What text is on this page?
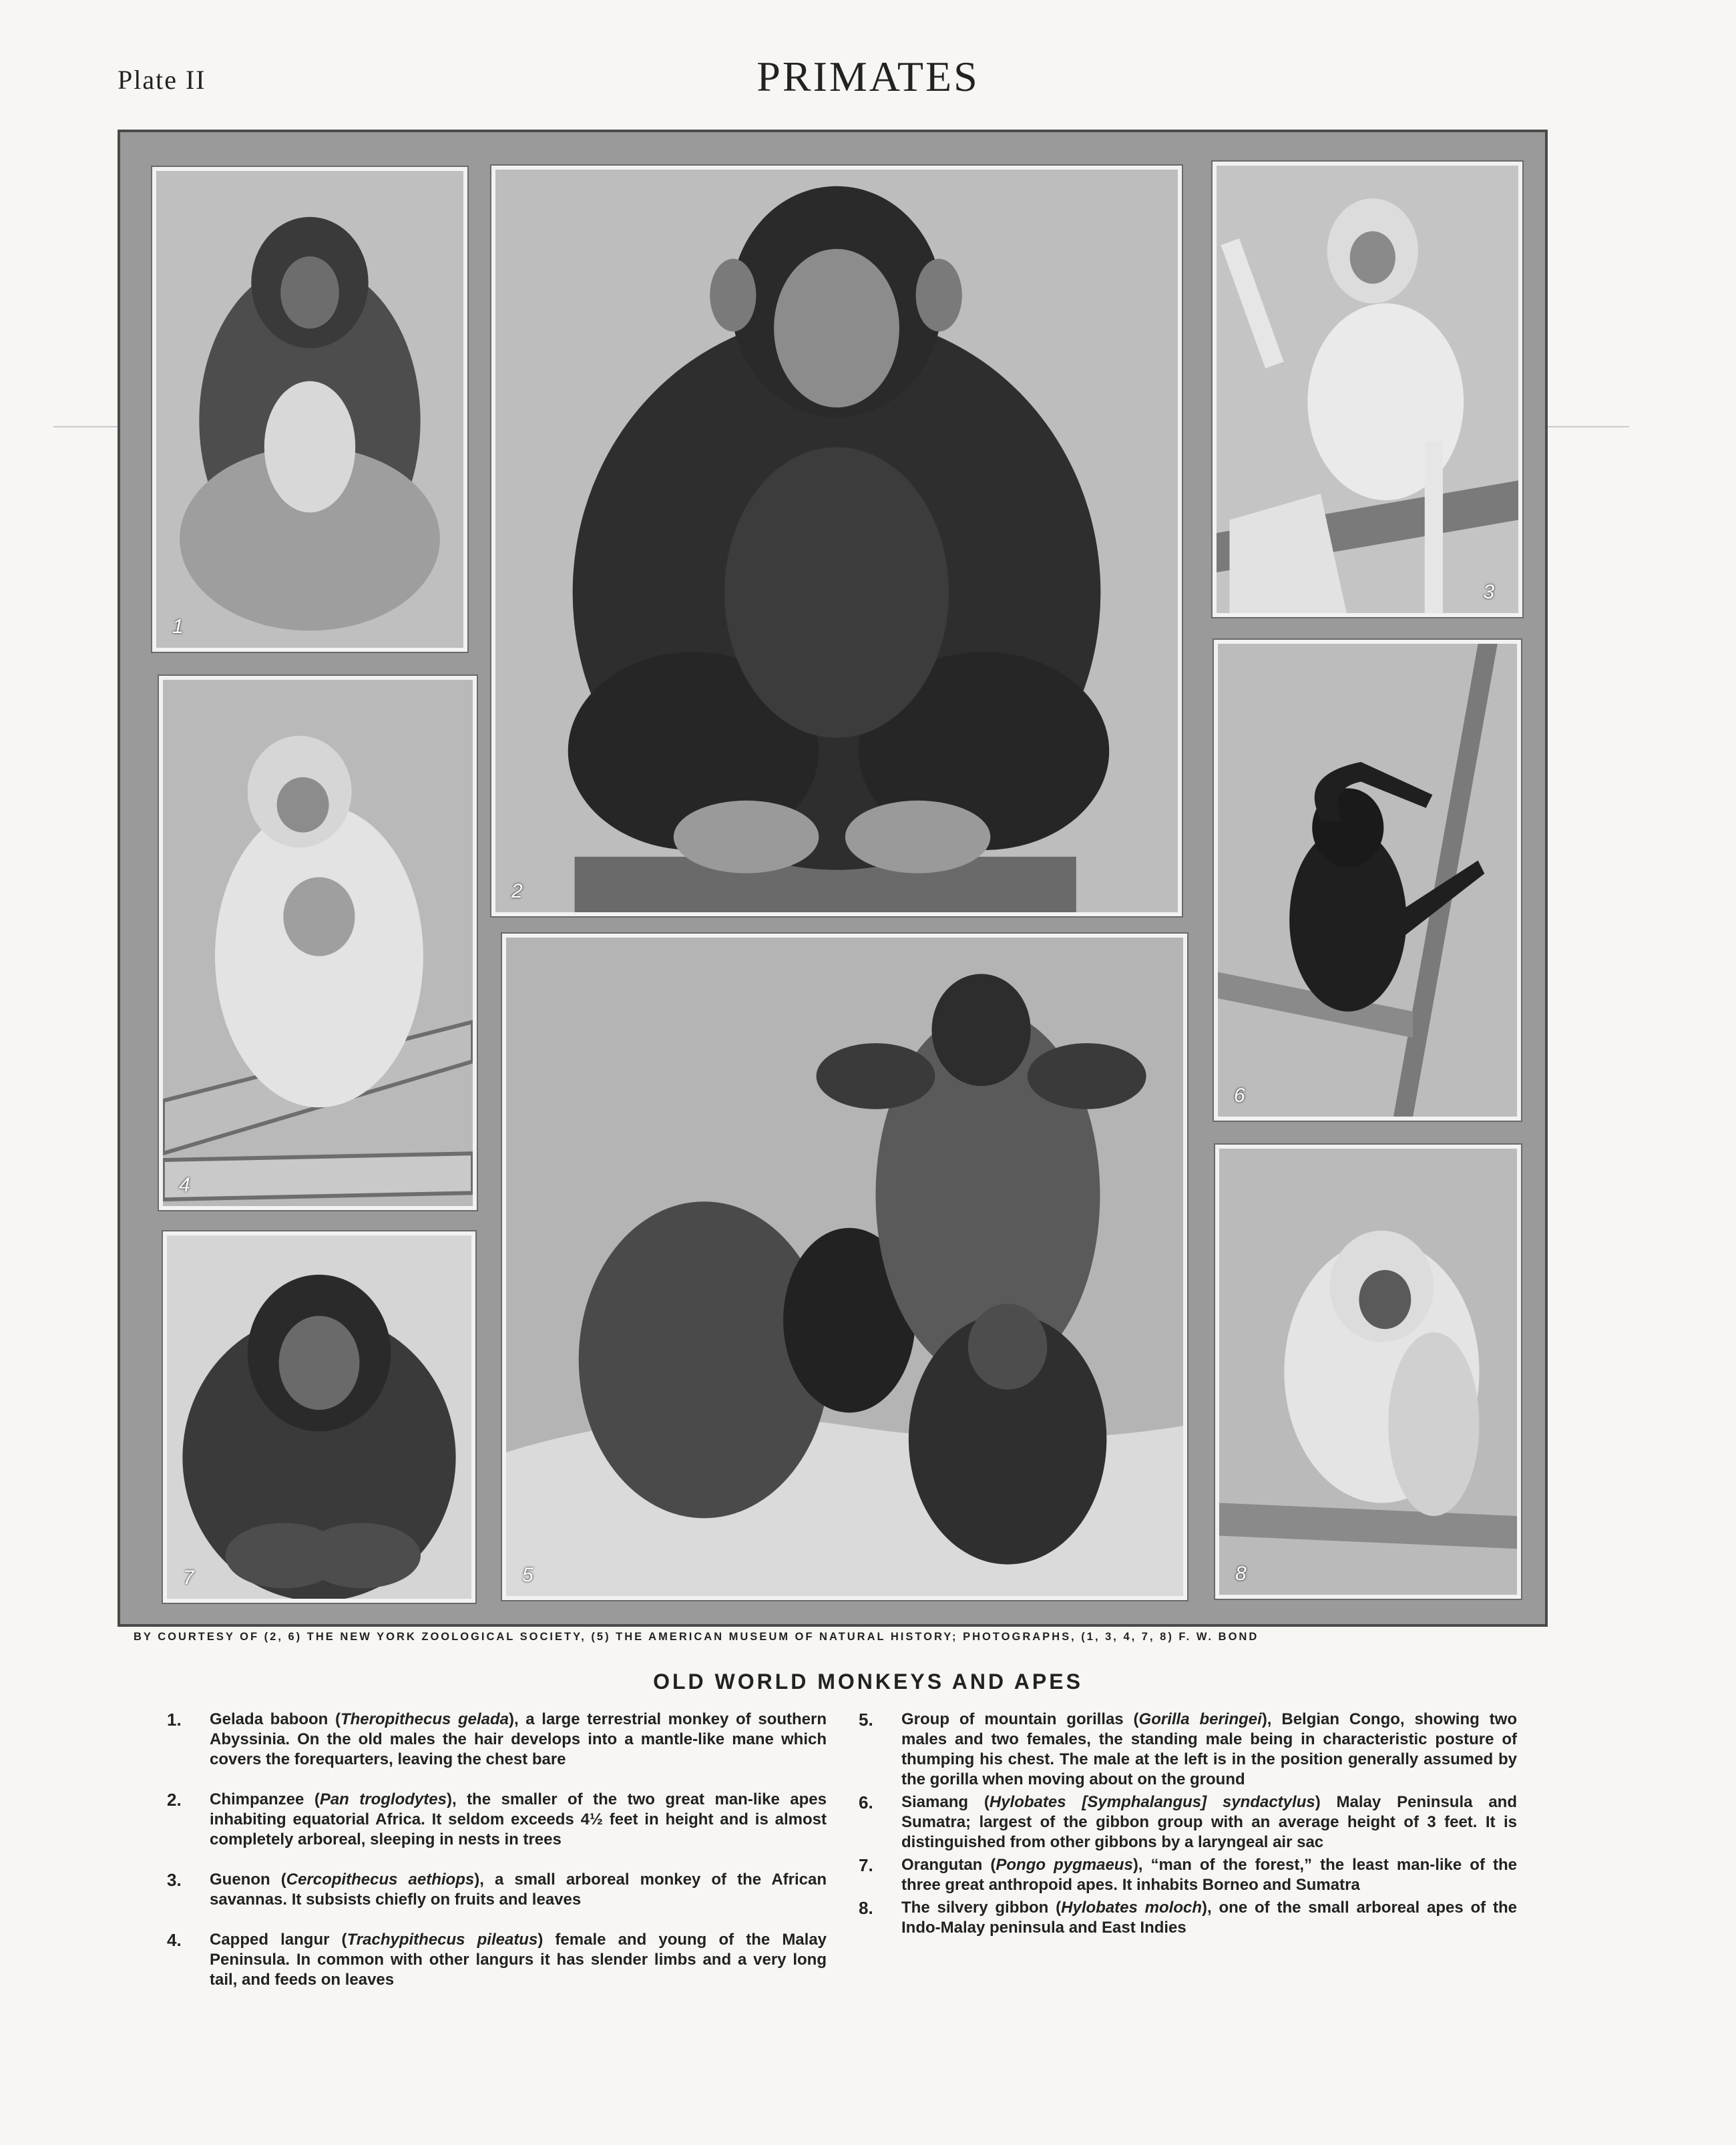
Plate II	PRIMATES
1
2
3
4
5
6
7	8
BY COURTESY OF (2, 6) THE NEW YORK ZOOLOGICAL SOCIETY, (5) THE AMERICAN MUSEUM OF NATURAL HISTORY; PHOTOGRAPHS, (1, 3, 4, 7, 8) F. W. BOND
OLD WORLD MONKEYS AND APES
1. Gelada baboon (Theropithecus gelada), a large terrestrial monkey of southern Abyssinia. On the old males the hair develops into a mantle-like mane which covers the forequarters, leaving the chest bare
2. Chimpanzee (Pan troglodytes), the smaller of the two great man-like apes inhabiting equatorial Africa. It seldom exceeds 4½ feet in height and is almost completely arboreal, sleeping in nests in trees
3. Guenon (Cercopithecus aethiops), a small arboreal monkey of the African savannas. It subsists chiefly on fruits and leaves
4. Capped langur (Trachypithecus pileatus) female and young of the Malay Peninsula. In common with other langurs it has slender limbs and a very long tail, and feeds on leaves
5. Group of mountain gorillas (Gorilla beringei), Belgian Congo, showing two males and two females, the standing male being in characteristic posture of thumping his chest. The male at the left is in the position generally assumed by the gorilla when moving about on the ground
6. Siamang (Hylobates [Symphalangus] syndactylus) Malay Peninsula and Sumatra; largest of the gibbon group with an average height of 3 feet. It is distinguished from other gibbons by a laryngeal air sac
7. Orangutan (Pongo pygmaeus), “man of the forest,” the least man-like of the three great anthropoid apes. It inhabits Borneo and Sumatra
8. The silvery gibbon (Hylobates moloch), one of the small arboreal apes of the Indo-Malay peninsula and East Indies
